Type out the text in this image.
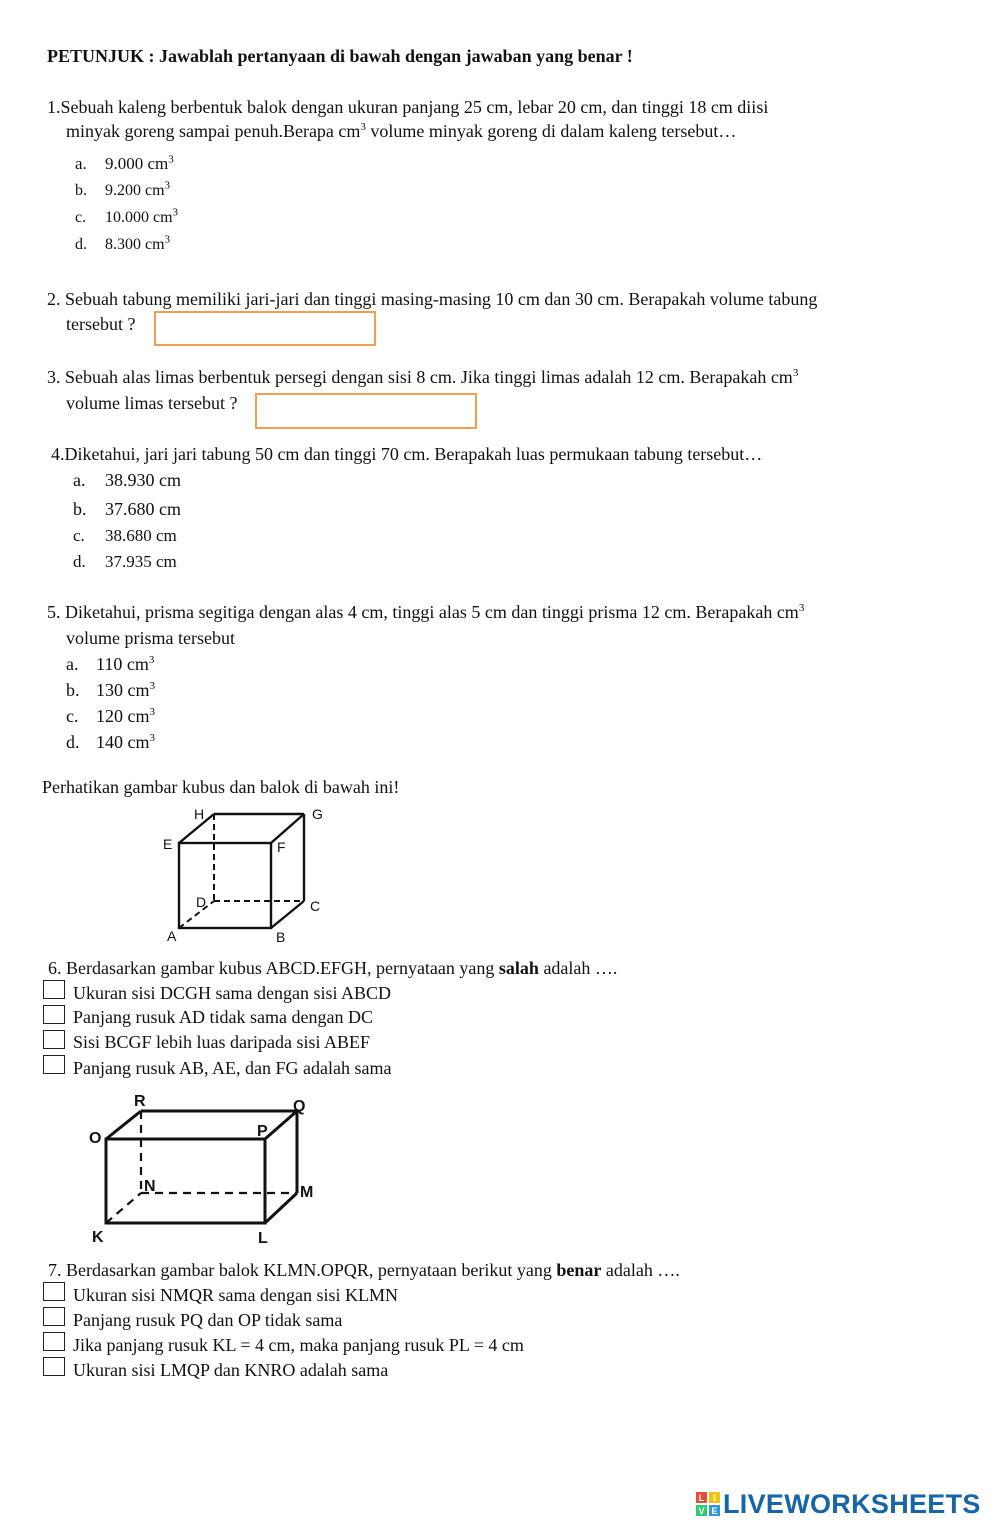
PETUNJUK : Jawablah pertanyaan di bawah dengan jawaban yang benar !
1.Sebuah kaleng berbentuk balok dengan ukuran panjang 25 cm, lebar 20 cm, dan tinggi 18 cm diisi
minyak goreng sampai penuh.Berapa $cm^3$ volume minyak goreng di dalam kaleng tersebut…
a. 9.000 $cm^3$
b. 9.200 $cm^3$
c. 10.000 $cm^3$
d. 8.300 $cm^3$
2. Sebuah tabung memiliki jari-jari dan tinggi masing-masing 10 cm dan 30 cm. Berapakah volume tabung
tersebut ?
3. Sebuah alas limas berbentuk persegi dengan sisi 8 cm. Jika tinggi limas adalah 12 cm. Berapakah $cm^3$
volume limas tersebut ?
4.Diketahui, jari jari tabung 50 cm dan tinggi 70 cm. Berapakah luas permukaan tabung tersebut…
a. 38.930 cm
b. 37.680 cm
c. 38.680 cm
d. 37.935 cm
5. Diketahui, prisma segitiga dengan alas 4 cm, tinggi alas 5 cm dan tinggi prisma 12 cm. Berapakah $cm^3$
volume prisma tersebut
a. 110 $cm^3$
b. 130 $cm^3$
c. 120 $cm^3$
d. 140 $cm^3$
Perhatikan gambar kubus dan balok di bawah ini!
H	G
E	F
D	C
A	B
6. Berdasarkan gambar kubus ABCD.EFGH, pernyataan yang salah adalah ….
Ukuran sisi DCGH sama dengan sisi ABCD
Panjang rusuk AD tidak sama dengan DC
Sisi BCGF lebih luas daripada sisi ABEF
Panjang rusuk AB, AE, dan FG adalah sama
R	Q
O	P
N	M
K	L
7. Berdasarkan gambar balok KLMN.OPQR, pernyataan berikut yang benar adalah ….
Ukuran sisi NMQR sama dengan sisi KLMN
Panjang rusuk PQ dan OP tidak sama
Jika panjang rusuk KL = 4 cm, maka panjang rusuk PL = 4 cm
Ukuran sisi LMQP dan KNRO adalah sama
L I
V E LIVEWORKSHEETS
